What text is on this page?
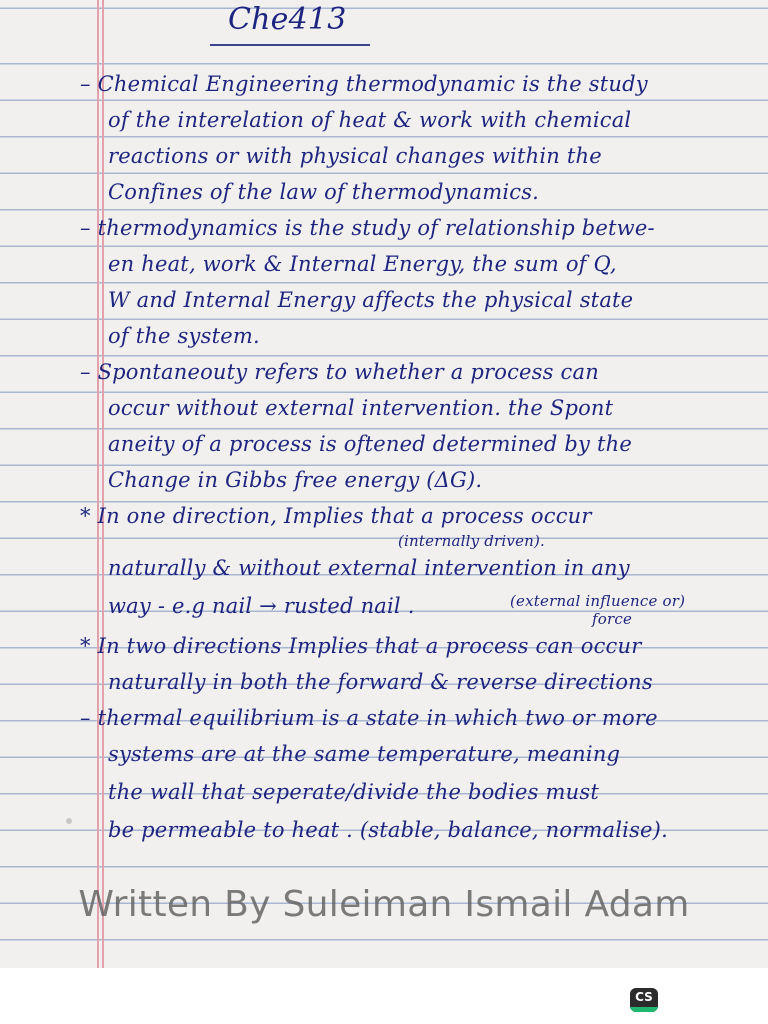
Che413
– Chemical Engineering thermodynamic is the study
of the interelation of heat & work with chemical
reactions or with physical changes within the
Confines of the law of thermodynamics.
– thermodynamics is the study of relationship betwe-
en heat, work & Internal Energy, the sum of Q,
W and Internal Energy affects the physical state
of the system.
– Spontaneouty refers to whether a process can
occur without external intervention. the Spont
aneity of a process is oftened determined by the
Change in Gibbs free energy (ΔG).
* In one direction, Implies that a process occur
(internally driven).
naturally & without external intervention in any
way - e.g nail → rusted nail .	(external influence or)
force
* In two directions Implies that a process can occur
naturally in both the forward & reverse directions
– thermal equilibrium is a state in which two or more
systems are at the same temperature, meaning
the wall that seperate/divide the bodies must
be permeable to heat . (stable, balance, normalise).
Written By Suleiman Ismail Adam
CS
